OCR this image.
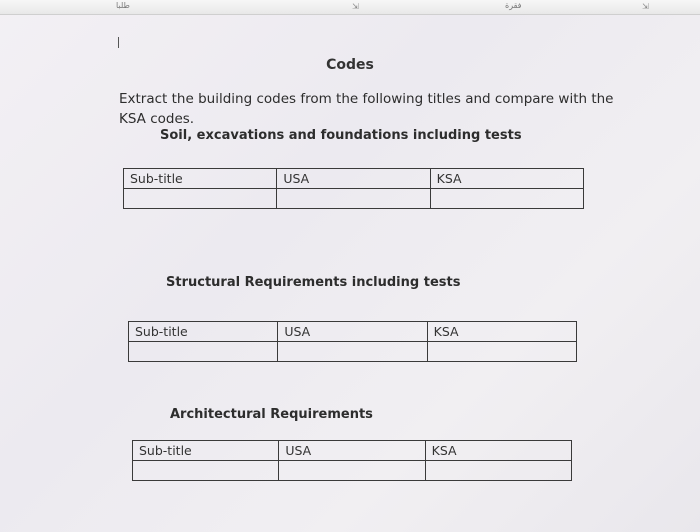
طلبا	⇲	فقرة	⇲
Codes
Extract the building codes from the following titles and compare with the KSA codes.
Soil, excavations and foundations including tests
Sub-title	USA	KSA

Structural Requirements including tests
Sub-title	USA	KSA

Architectural Requirements
Sub-title	USA	KSA
